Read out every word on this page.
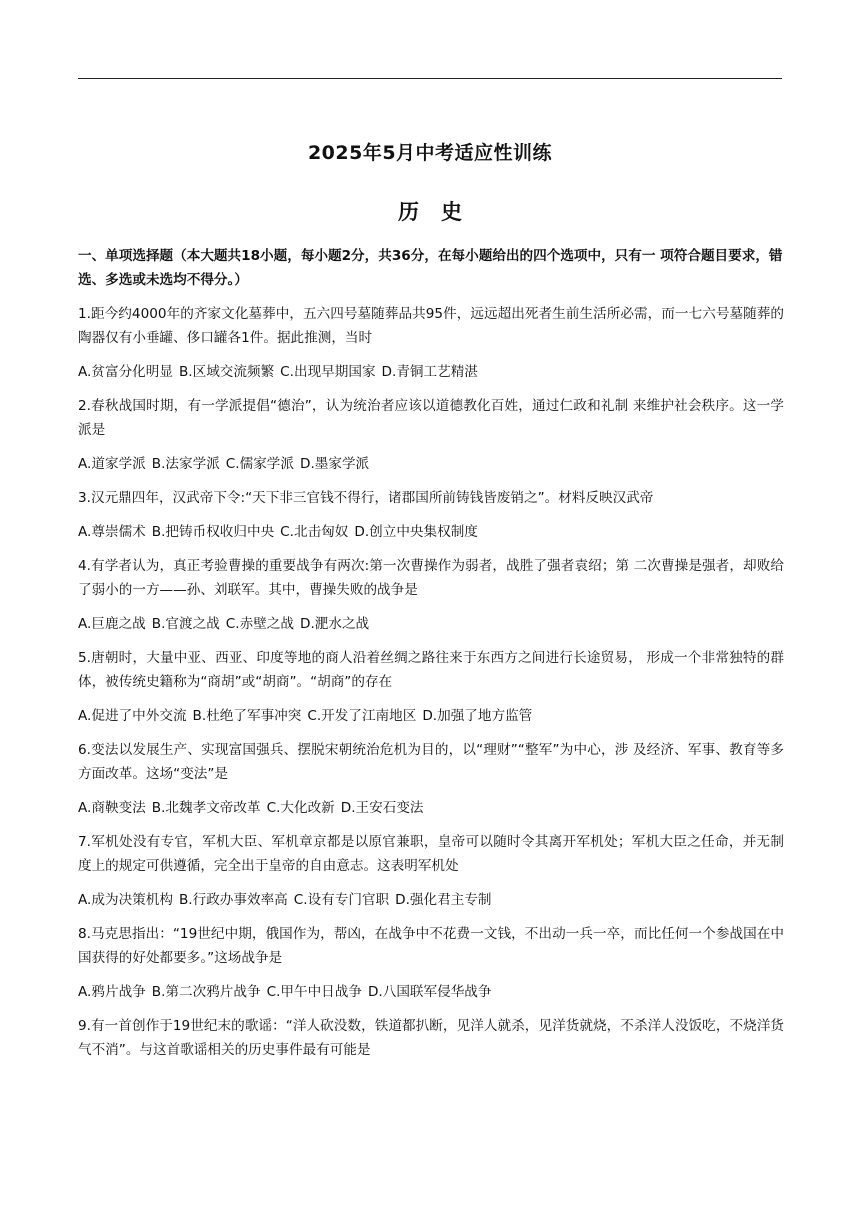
2025年5月中考适应性训练
历史
一、单项选择题（本大题共18小题，每小题2分，共36分，在每小题给出的四个选项中，只有一 项符合题目要求，错选、多选或未选均不得分。）
1.距今约4000年的齐家文化墓葬中，五六四号墓随葬品共95件，远远超出死者生前生活所必需，而一七六号墓随葬的陶器仅有小垂罐、侈口罐各1件。据此推测，当时
A.贫富分化明显 B.区域交流频繁 C.出现早期国家 D.青铜工艺精湛
2.春秋战国时期，有一学派提倡“德治”，认为统治者应该以道德教化百姓，通过仁政和礼制 来维护社会秩序。这一学派是
A.道家学派 B.法家学派 C.儒家学派 D.墨家学派
3.汉元鼎四年，汉武帝下令:“天下非三官钱不得行，诸郡国所前铸钱皆废销之”。材料反映汉武帝
A.尊崇儒术 B.把铸币权收归中央 C.北击匈奴 D.创立中央集权制度
4.有学者认为，真正考验曹操的重要战争有两次:第一次曹操作为弱者，战胜了强者袁绍；第 二次曹操是强者，却败给了弱小的一方——孙、刘联军。其中，曹操失败的战争是
A.巨鹿之战 B.官渡之战 C.赤壁之战 D.淝水之战
5.唐朝时，大量中亚、西亚、印度等地的商人沿着丝绸之路往来于东西方之间进行长途贸易， 形成一个非常独特的群体，被传统史籍称为“商胡”或“胡商”。“胡商”的存在
A.促进了中外交流 B.杜绝了军事冲突 C.开发了江南地区 D.加强了地方监管
6.变法以发展生产、实现富国强兵、摆脱宋朝统治危机为目的，以“理财”“整军”为中心，涉 及经济、军事、教育等多方面改革。这场“变法”是
A.商鞅变法 B.北魏孝文帝改革 C.大化改新 D.王安石变法
7.军机处没有专官，军机大臣、军机章京都是以原官兼职，皇帝可以随时令其离开军机处；军机大臣之任命，并无制度上的规定可供遵循，完全出于皇帝的自由意志。这表明军机处
A.成为决策机构 B.行政办事效率高 C.设有专门官职 D.强化君主专制
8.马克思指出：“19世纪中期，俄国作为，帮凶，在战争中不花费一文钱，不出动一兵一卒，而比任何一个参战国在中国获得的好处都要多。”这场战争是
A.鸦片战争 B.第二次鸦片战争 C.甲午中日战争 D.八国联军侵华战争
9.有一首创作于19世纪末的歌谣：“洋人砍没数，铁道都扒断，见洋人就杀，见洋货就烧，不杀洋人没饭吃，不烧洋货气不消”。与这首歌谣相关的历史事件最有可能是
